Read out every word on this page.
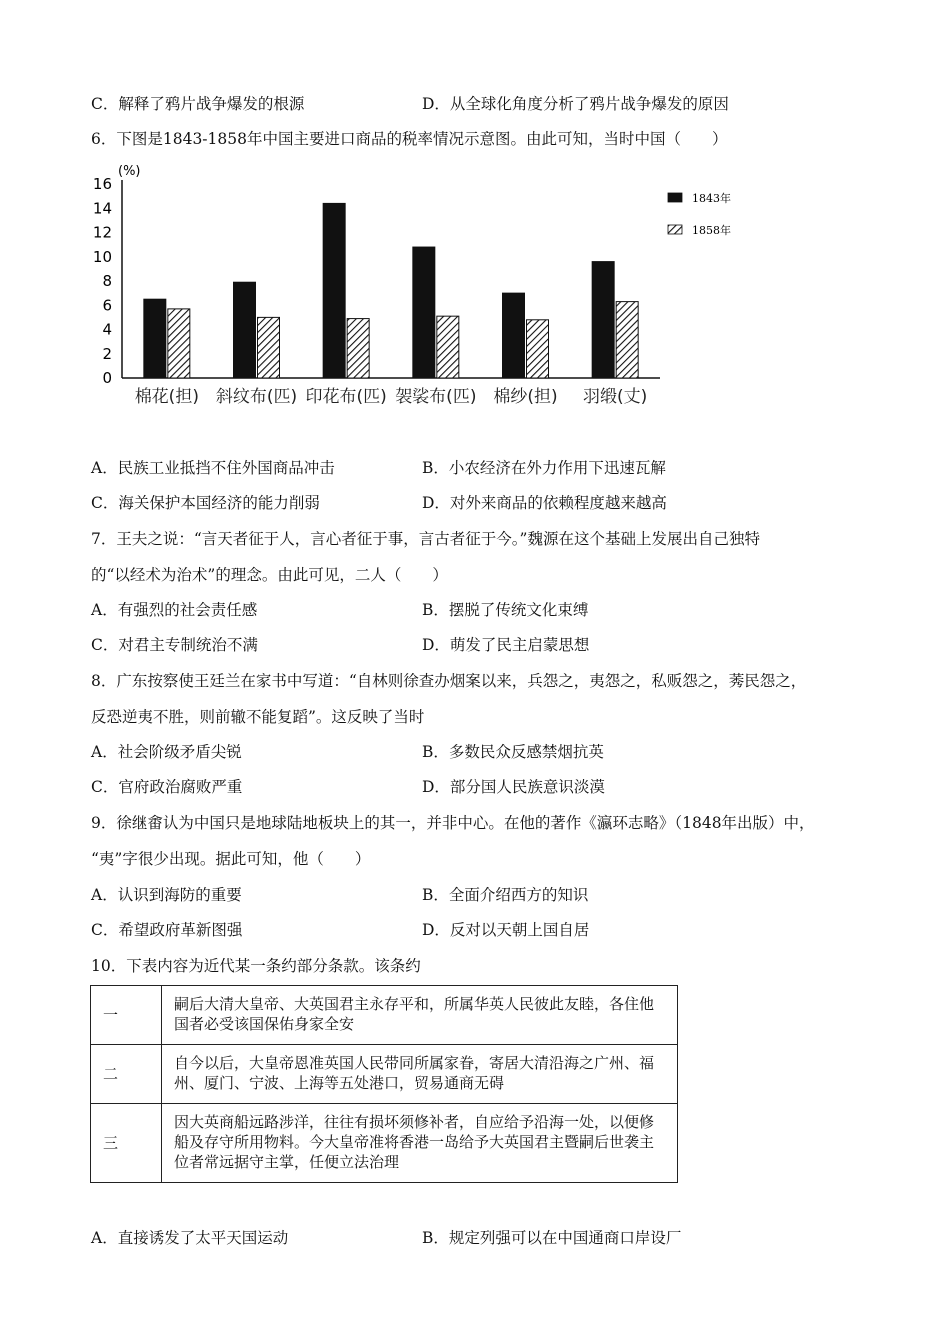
C．解释了鸦片战争爆发的根源	D．从全球化角度分析了鸦片战争爆发的原因
6．下图是1843-1858年中国主要进口商品的税率情况示意图。由此可知，当时中国（　　）
(%)
0
2
4
6
8
10
12
14
16
棉花(担) 斜纹布(匹) 印花布(匹) 袈裟布(匹) 棉纱(担) 羽缎(丈)
1843年
1858年
A．民族工业抵挡不住外国商品冲击	B．小农经济在外力作用下迅速瓦解
C．海关保护本国经济的能力削弱	D．对外来商品的依赖程度越来越高
7．王夫之说：“言天者征于人，言心者征于事，言古者征于今。”魏源在这个基础上发展出自己独特
的“以经术为治术”的理念。由此可见，二人（　　）
A．有强烈的社会责任感	B．摆脱了传统文化束缚
C．对君主专制统治不满	D．萌发了民主启蒙思想
8．广东按察使王廷兰在家书中写道：“自林则徐查办烟案以来，兵怨之，夷怨之，私贩怨之，莠民怨之，
反恐逆夷不胜，则前辙不能复蹈”。这反映了当时
A．社会阶级矛盾尖锐	B．多数民众反感禁烟抗英
C．官府政治腐败严重	D．部分国人民族意识淡漠
9．徐继畬认为中国只是地球陆地板块上的其一，并非中心。在他的著作《瀛环志略》（1848年出版）中，
“夷”字很少出现。据此可知，他（　　）
A．认识到海防的重要	B．全面介绍西方的知识
C．希望政府革新图强	D．反对以天朝上国自居
10．下表内容为近代某一条约部分条款。该条约
一	嗣后大清大皇帝、大英国君主永存平和，所属华英人民彼此友睦，各住他国者必受该国保佑身家全安
二	自今以后，大皇帝恩准英国人民带同所属家眷，寄居大清沿海之广州、福州、厦门、宁波、上海等五处港口，贸易通商无碍
三	因大英商船远路涉洋，往往有损坏须修补者，自应给予沿海一处，以便修船及存守所用物料。今大皇帝准将香港一岛给予大英国君主暨嗣后世袭主位者常远据守主掌，任便立法治理
A．直接诱发了太平天国运动	B．规定列强可以在中国通商口岸设厂
